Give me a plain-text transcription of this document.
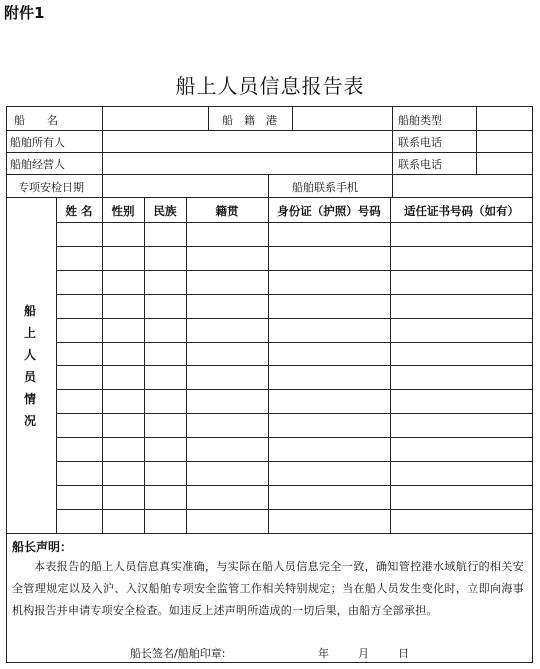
附件1
船上人员信息报告表
船　　名	船　籍　港	船舶类型
船舶所有人	联系电话
船舶经营人	联系电话
专项安检日期	船舶联系手机
姓 名	性别	民族	籍贯	身份证（护照）号码	适任证书号码（如有）
船
上
人
员
情
况
船长声明：
本表报告的船上人员信息真实准确，与实际在船人员信息完全一致，确知管控港水域航行的相关安全管理规定以及入沪、入汉船舶专项安全监管工作相关特别规定；当在船人员发生变化时，立即向海事机构报告并申请专项安全检查。如违反上述声明所造成的一切后果，由船方全部承担。
船长签名/船舶印章:	年	月	日
